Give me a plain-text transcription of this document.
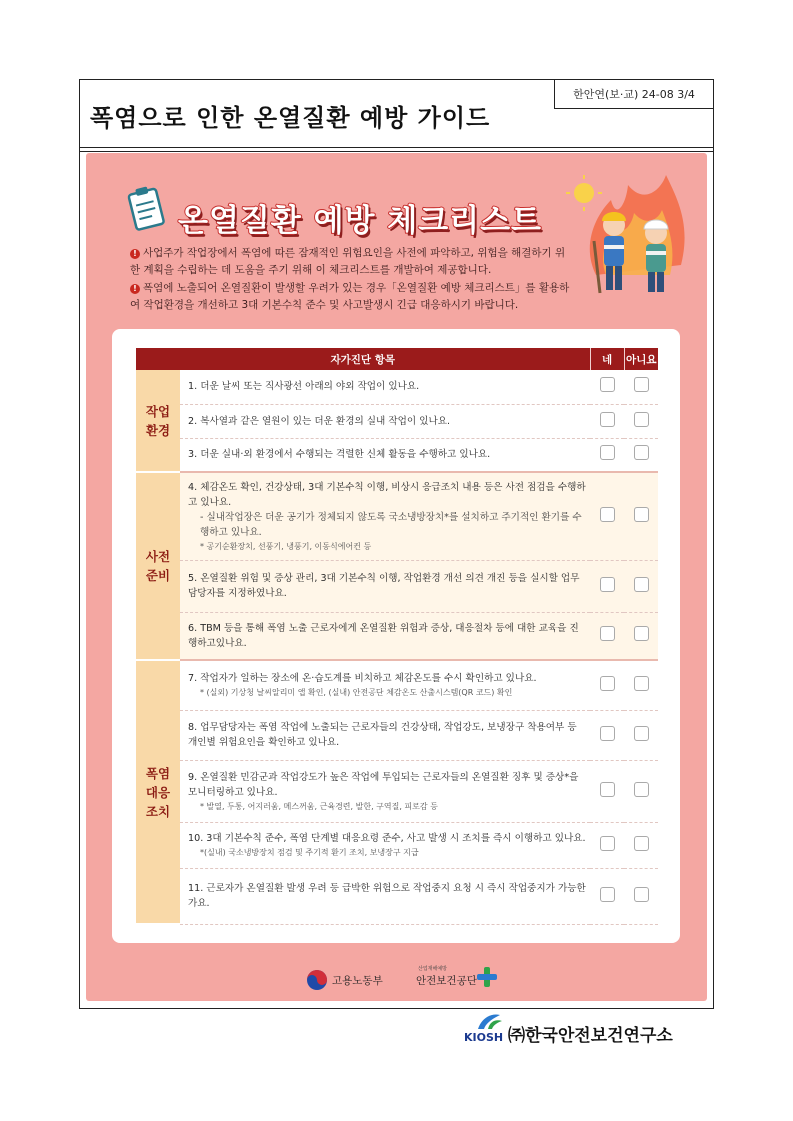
폭염으로 인한 온열질환 예방 가이드
한안연(보·교) 24-08 3/4
온열질환 예방 체크리스트
! 사업주가 작업장에서 폭염에 따른 잠재적인 위험요인을 사전에 파악하고, 위험을 해결하기 위한 계획을 수립하는 데 도움을 주기 위해 이 체크리스트를 개발하여 제공합니다.
! 폭염에 노출되어 온열질환이 발생할 우려가 있는 경우「온열질환 예방 체크리스트」를 활용하여 작업환경을 개선하고 3대 기본수칙 준수 및 사고발생시 긴급 대응하시기 바랍니다.
자가진단 항목		네	아니요
작업
환경	1. 더운 날씨 또는 직사광선 아래의 야외 작업이 있나요.		
	2. 복사열과 같은 열원이 있는 더운 환경의 실내 작업이 있나요.		
	3. 더운 실내·외 환경에서 수행되는 격렬한 신체 활동을 수행하고 있나요.		
사전
준비	4. 체감온도 확인, 건강상태, 3대 기본수칙 이행, 비상시 응급조치 내용 등은 사전 점검을 수행하고 있나요.
- 실내작업장은 더운 공기가 정체되지 않도록 국소냉방장치*를 설치하고 주기적인 환기를 수행하고 있나요.
* 공기순환장치, 선풍기, 냉풍기, 이동식에어컨 등		

	5. 온열질환 위험 및 증상 관리, 3대 기본수칙 이행, 작업환경 개선 의견 개진 등을 실시할 업무담당자를 지정하였나요.		
	6. TBM 등을 통해 폭염 노출 근로자에게 온열질환 위험과 증상, 대응절차 등에 대한 교육을 진행하고있나요.		
폭염
대응
조치	7. 작업자가 일하는 장소에 온·습도계를 비치하고 체감온도를 수시 확인하고 있나요.
* (실외) 기상청 날씨알리미 앱 확인, (실내) 안전공단 체감온도 산출시스템(QR 코드) 확인		

	8. 업무담당자는 폭염 작업에 노출되는 근로자들의 건강상태, 작업강도, 보냉장구 착용여부 등 개인별 위험요인을 확인하고 있나요.		
	9. 온열질환 민감군과 작업강도가 높은 작업에 투입되는 근로자들의 온열질환 징후 및 증상*을 모니터링하고 있나요.
* 발열, 두통, 어지러움, 메스꺼움, 근육경련, 발한, 구역질, 피로감 등		

	10. 3대 기본수칙 준수, 폭염 단계별 대응요령 준수, 사고 발생 시 조치를 즉시 이행하고 있나요.
*(실내) 국소냉방장치 점검 및 주기적 환기 조치, 보냉장구 지급		

	11. 근로자가 온열질환 발생 우려 등 급박한 위험으로 작업중지 요청 시 즉시 작업중지가 가능한가요.		
고용노동부
산업재해예방
안전보건공단
KIOSH ㈜한국안전보건연구소
